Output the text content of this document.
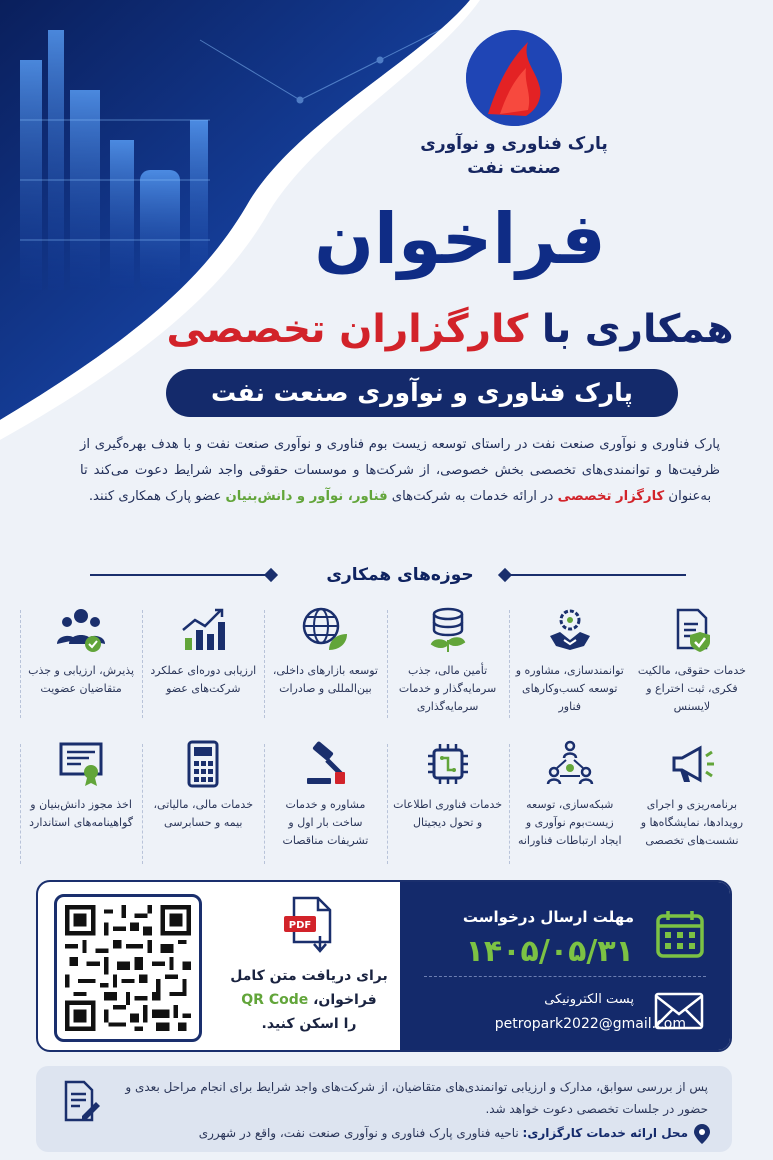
پارک فناوری و نوآوری
صنعت نفت
فراخوان
همکاری با کارگزاران تخصصی
پارک فناوری و نوآوری صنعت نفت
پارک فناوری و نوآوری صنعت نفت در راستای توسعه زیست بوم فناوری و نوآوری صنعت نفت و با هدف بهره‌گیری از ظرفیت‌ها و توانمندی‌های تخصصی بخش خصوصی، از شرکت‌ها و موسسات حقوقی واجد شرایط دعوت می‌کند تا به‌عنوان کارگزار تخصصی در ارائه خدمات به شرکت‌های فناور، نوآور و دانش‌بنیان عضو پارک همکاری کنند.
حوزه‌های همکاری
خدمات حقوقی، مالکیت فکری، ثبت اختراع و لایسنس
توانمندسازی، مشاوره و توسعه کسب‌وکارهای فناور
تأمین مالی، جذب سرمایه‌گذار و خدمات سرمایه‌گذاری
توسعه بازارهای داخلی، بین‌المللی و صادرات
ارزیابی دوره‌ای عملکرد شرکت‌های عضو
پذیرش، ارزیابی و جذب متقاضیان عضویت
برنامه‌ریزی و اجرای رویدادها، نمایشگاه‌ها و نشست‌های تخصصی
شبکه‌سازی، توسعه زیست‌بوم نوآوری و ایجاد ارتباطات فناورانه
خدمات فناوری اطلاعات و تحول دیجیتال
مشاوره و خدمات ساخت بار اول و تشریفات مناقصات
خدمات مالی، مالیاتی، بیمه و حسابرسی
اخذ مجوز دانش‌بنیان و گواهینامه‌های استاندارد
مهلت ارسال درخواست
۱۴۰۵/۰۵/۳۱
پست الکترونیکی
petropark2022@gmail.com
PDF
برای دریافت متن کامل
فراخوان، QR Code
را اسکن کنید.
پس از بررسی سوابق، مدارک و ارزیابی توانمندی‌های متقاضیان، از شرکت‌های واجد شرایط برای انجام مراحل بعدی و حضور در جلسات تخصصی دعوت خواهد شد.
محل ارائه خدمات کارگزاری: ناحیه فناوری پارک فناوری و نوآوری صنعت نفت، واقع در شهرری
